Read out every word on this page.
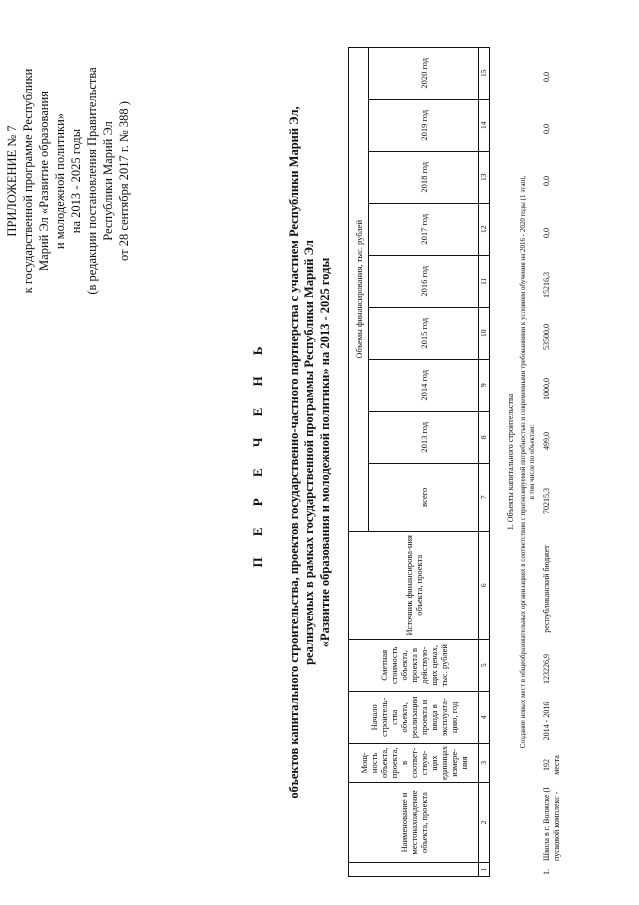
ПРИЛОЖЕНИЕ № 7 к государственной программе Республики Марий Эл «Развитие образования и молодежной политики» на 2013 - 2025 годы (в редакции постановления Правительства Республики Марий Эл от 28 сентября 2017 г. № 388 )
П Е Р Е Ч Е Н Ь объектов капитального строительства, проектов государственно-частного партнерства с участием Республики Марий Эл, реализуемых в рамках государственной программы Республики Марий Эл «Развитие образования и молодежной политики» на 2013 - 2025 годы
	Наименование и местонахождение объекта, проекта	Мощ-ность объекта, проекта, в соответ-ствую-щих единицах измере-ния	Начало строитель-ства объекта, реализации проекта и ввода в эксплуата-цию, год	Сметная стоимость объекта, проекта в действую-щих ценах, тыс. рублей	Источник финансирова-ния объекта, проекта	Объемы финансирования, тыс. рублей								
						всего	2013 год	2014 год	2015 год	2016 год	2017 год	2018 год	2019 год	2020 год
1	2	3	4	5	6	7	8	9	10	11	12	13	14	15
1. Объекты капитального строительства Создание новых мест в общеобразовательных организациях в соответствии с прогнозируемой потребностью и современными требованиями к условиям обучения на 2016 - 2020 годы (1 этап), в том числе по объектам:
1.	Школа в г. Волжске (I пусковой комплекс -	192 места	2014 - 2016	123226,9	республиканский бюджет	70215,3	499,0	1000,0	53500,0	15216,3	0,0	0,0	0,0	0,0
